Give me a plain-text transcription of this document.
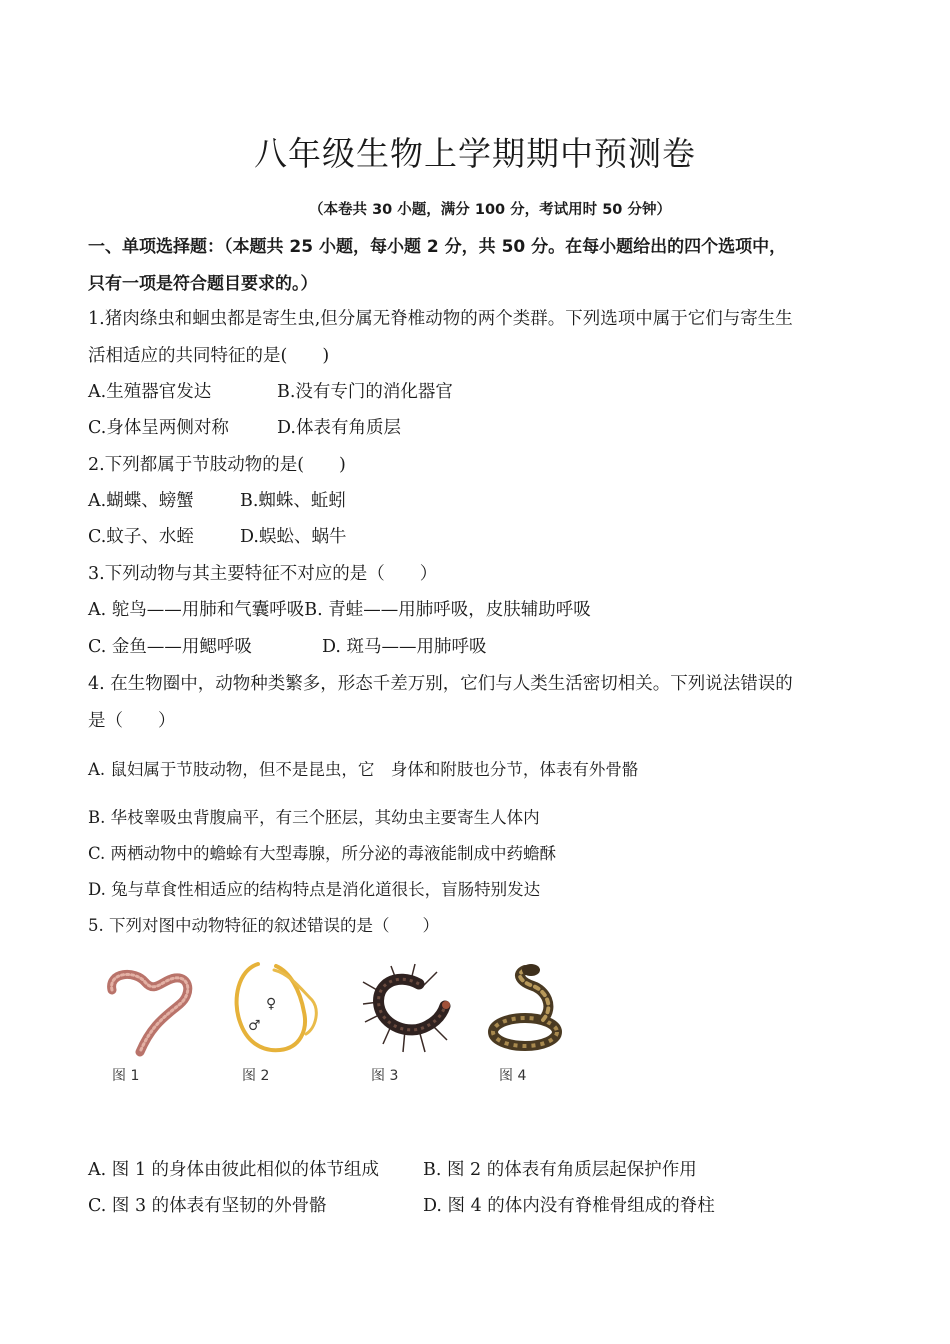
八年级生物上学期期中预测卷
（本卷共 30 小题，满分 100 分，考试用时 50 分钟）
一、单项选择题：（本题共 25 小题，每小题 2 分，共 50 分。在每小题给出的四个选项中，
只有一项是符合题目要求的。）
1.猪肉绦虫和蛔虫都是寄生虫,但分属无脊椎动物的两个类群。下列选项中属于它们与寄生生
活相适应的共同特征的是(　　)
A.生殖器官发达	B.没有专门的消化器官
C.身体呈两侧对称	D.体表有角质层
2.下列都属于节肢动物的是(　　)
A.蝴蝶、螃蟹	B.蜘蛛、蚯蚓
C.蚊子、水蛭	D.蜈蚣、蜗牛
3.下列动物与其主要特征不对应的是（　　）
A. 鸵鸟——用肺和气囊呼吸B. 青蛙——用肺呼吸，皮肤辅助呼吸
C. 金鱼——用鳃呼吸	D. 斑马——用肺呼吸
4. 在生物圈中，动物种类繁多，形态千差万别，它们与人类生活密切相关。下列说法错误的
是（　　）
A. 鼠妇属于节肢动物，但不是昆虫，它　身体和附肢也分节，体表有外骨骼
B. 华枝睾吸虫背腹扁平，有三个胚层，其幼虫主要寄生人体内
C. 两栖动物中的蟾蜍有大型毒腺，所分泌的毒液能制成中药蟾酥
D. 兔与草食性相适应的结构特点是消化道很长，盲肠特别发达
5. 下列对图中动物特征的叙述错误的是（　　）
图 1
♀
♂
图 2	图 3	图 4
A. 图 1 的身体由彼此相似的体节组成	B. 图 2 的体表有角质层起保护作用
C. 图 3 的体表有坚韧的外骨骼	D. 图 4 的体内没有脊椎骨组成的脊柱
